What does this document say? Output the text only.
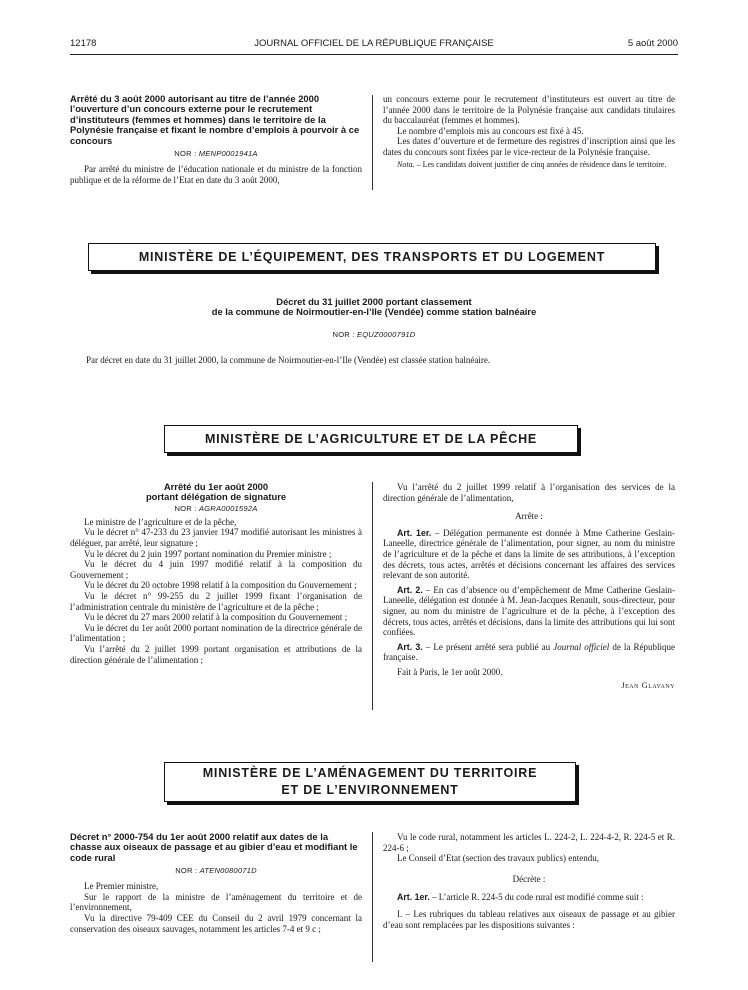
12178	JOURNAL OFFICIEL DE LA RÉPUBLIQUE FRANÇAISE	5 août 2000
Arrêté du 3 août 2000 autorisant au titre de l’année 2000 l’ouverture d’un concours externe pour le recrutement d’instituteurs (femmes et hommes) dans le territoire de la Polynésie française et fixant le nombre d’emplois à pourvoir à ce concours
NOR : MENP0001941A

Par arrêté du ministre de l’éducation nationale et du ministre de la fonction publique et de la réforme de l’Etat en date du 3 août 2000,

un concours externe pour le recrutement d’instituteurs est ouvert au titre de l’année 2000 dans le territoire de la Polynésie française aux candidats titulaires du baccalauréat (femmes et hommes).

Le nombre d’emplois mis au concours est fixé à 45.

Les dates d’ouverture et de fermeture des registres d’inscription ainsi que les dates du concours sont fixées par le vice-recteur de la Polynésie française.

Nota. – Les candidats doivent justifier de cinq années de résidence dans le territoire.

MINISTÈRE DE L’ÉQUIPEMENT, DES TRANSPORTS ET DU LOGEMENT
Décret du 31 juillet 2000 portant classement
de la commune de Noirmoutier-en-l’Ile (Vendée) comme station balnéaire
NOR : EQUZ0000791D

Par décret en date du 31 juillet 2000, la commune de Noirmoutier-en-l’Ile (Vendée) est classée station balnéaire.

MINISTÈRE DE L’AGRICULTURE ET DE LA PÊCHE
Arrêté du 1er août 2000
portant délégation de signature
NOR : AGRA0001592A

Le ministre de l’agriculture et de la pêche,

Vu le décret n° 47-233 du 23 janvier 1947 modifié autorisant les ministres à déléguer, par arrêté, leur signature ;

Vu le décret du 2 juin 1997 portant nomination du Premier ministre ;

Vu le décret du 4 juin 1997 modifié relatif à la composition du Gouvernement ;

Vu le décret du 20 octobre 1998 relatif à la composition du Gouvernement ;

Vu le décret n° 99-255 du 2 juillet 1999 fixant l’organisation de l’administration centrale du ministère de l’agriculture et de la pêche ;

Vu le décret du 27 mars 2000 relatif à la composition du Gouvernement ;

Vu le décret du 1er août 2000 portant nomination de la directrice générale de l’alimentation ;

Vu l’arrêté du 2 juillet 1999 portant organisation et attributions de la direction générale de l’alimentation ;

Vu l’arrêté du 2 juillet 1999 relatif à l’organisation des services de la direction générale de l’alimentation,

Arrête :

Art. 1er. – Délégation permanente est donnée à Mme Catherine Geslain-Laneelle, directrice générale de l’alimentation, pour signer, au nom du ministre de l’agriculture et de la pêche et dans la limite de ses attributions, à l’exception des décrets, tous actes, arrêtés et décisions concernant les affaires des services relevant de son autorité.

Art. 2. – En cas d’absence ou d’empêchement de Mme Catherine Geslain-Laneelle, délégation est donnée à M. Jean-Jacques Renault, sous-directeur, pour signer, au nom du ministre de l’agriculture et de la pêche, à l’exception des décrets, tous actes, arrêtés et décisions, dans la limite des attributions qui lui sont confiées.

Art. 3. – Le présent arrêté sera publié au Journal officiel de la République française.

Fait à Paris, le 1er août 2000.

Jean Glavany

MINISTÈRE DE L’AMÉNAGEMENT DU TERRITOIRE
ET DE L’ENVIRONNEMENT
Décret n° 2000-754 du 1er août 2000 relatif aux dates de la chasse aux oiseaux de passage et au gibier d’eau et modifiant le code rural
NOR : ATEN0080071D

Le Premier ministre,

Sur le rapport de la ministre de l’aménagement du territoire et de l’environnement,

Vu la directive 79-409 CEE du Conseil du 2 avril 1979 concernant la conservation des oiseaux sauvages, notamment les articles 7-4 et 9 c ;

Vu le code rural, notamment les articles L. 224-2, L. 224-4-2, R. 224-5 et R. 224-6 ;

Le Conseil d’Etat (section des travaux publics) entendu,

Décrète :

Art. 1er. – L’article R. 224-5 du code rural est modifié comme suit :

I. – Les rubriques du tableau relatives aux oiseaux de passage et au gibier d’eau sont remplacées par les dispositions suivantes :
